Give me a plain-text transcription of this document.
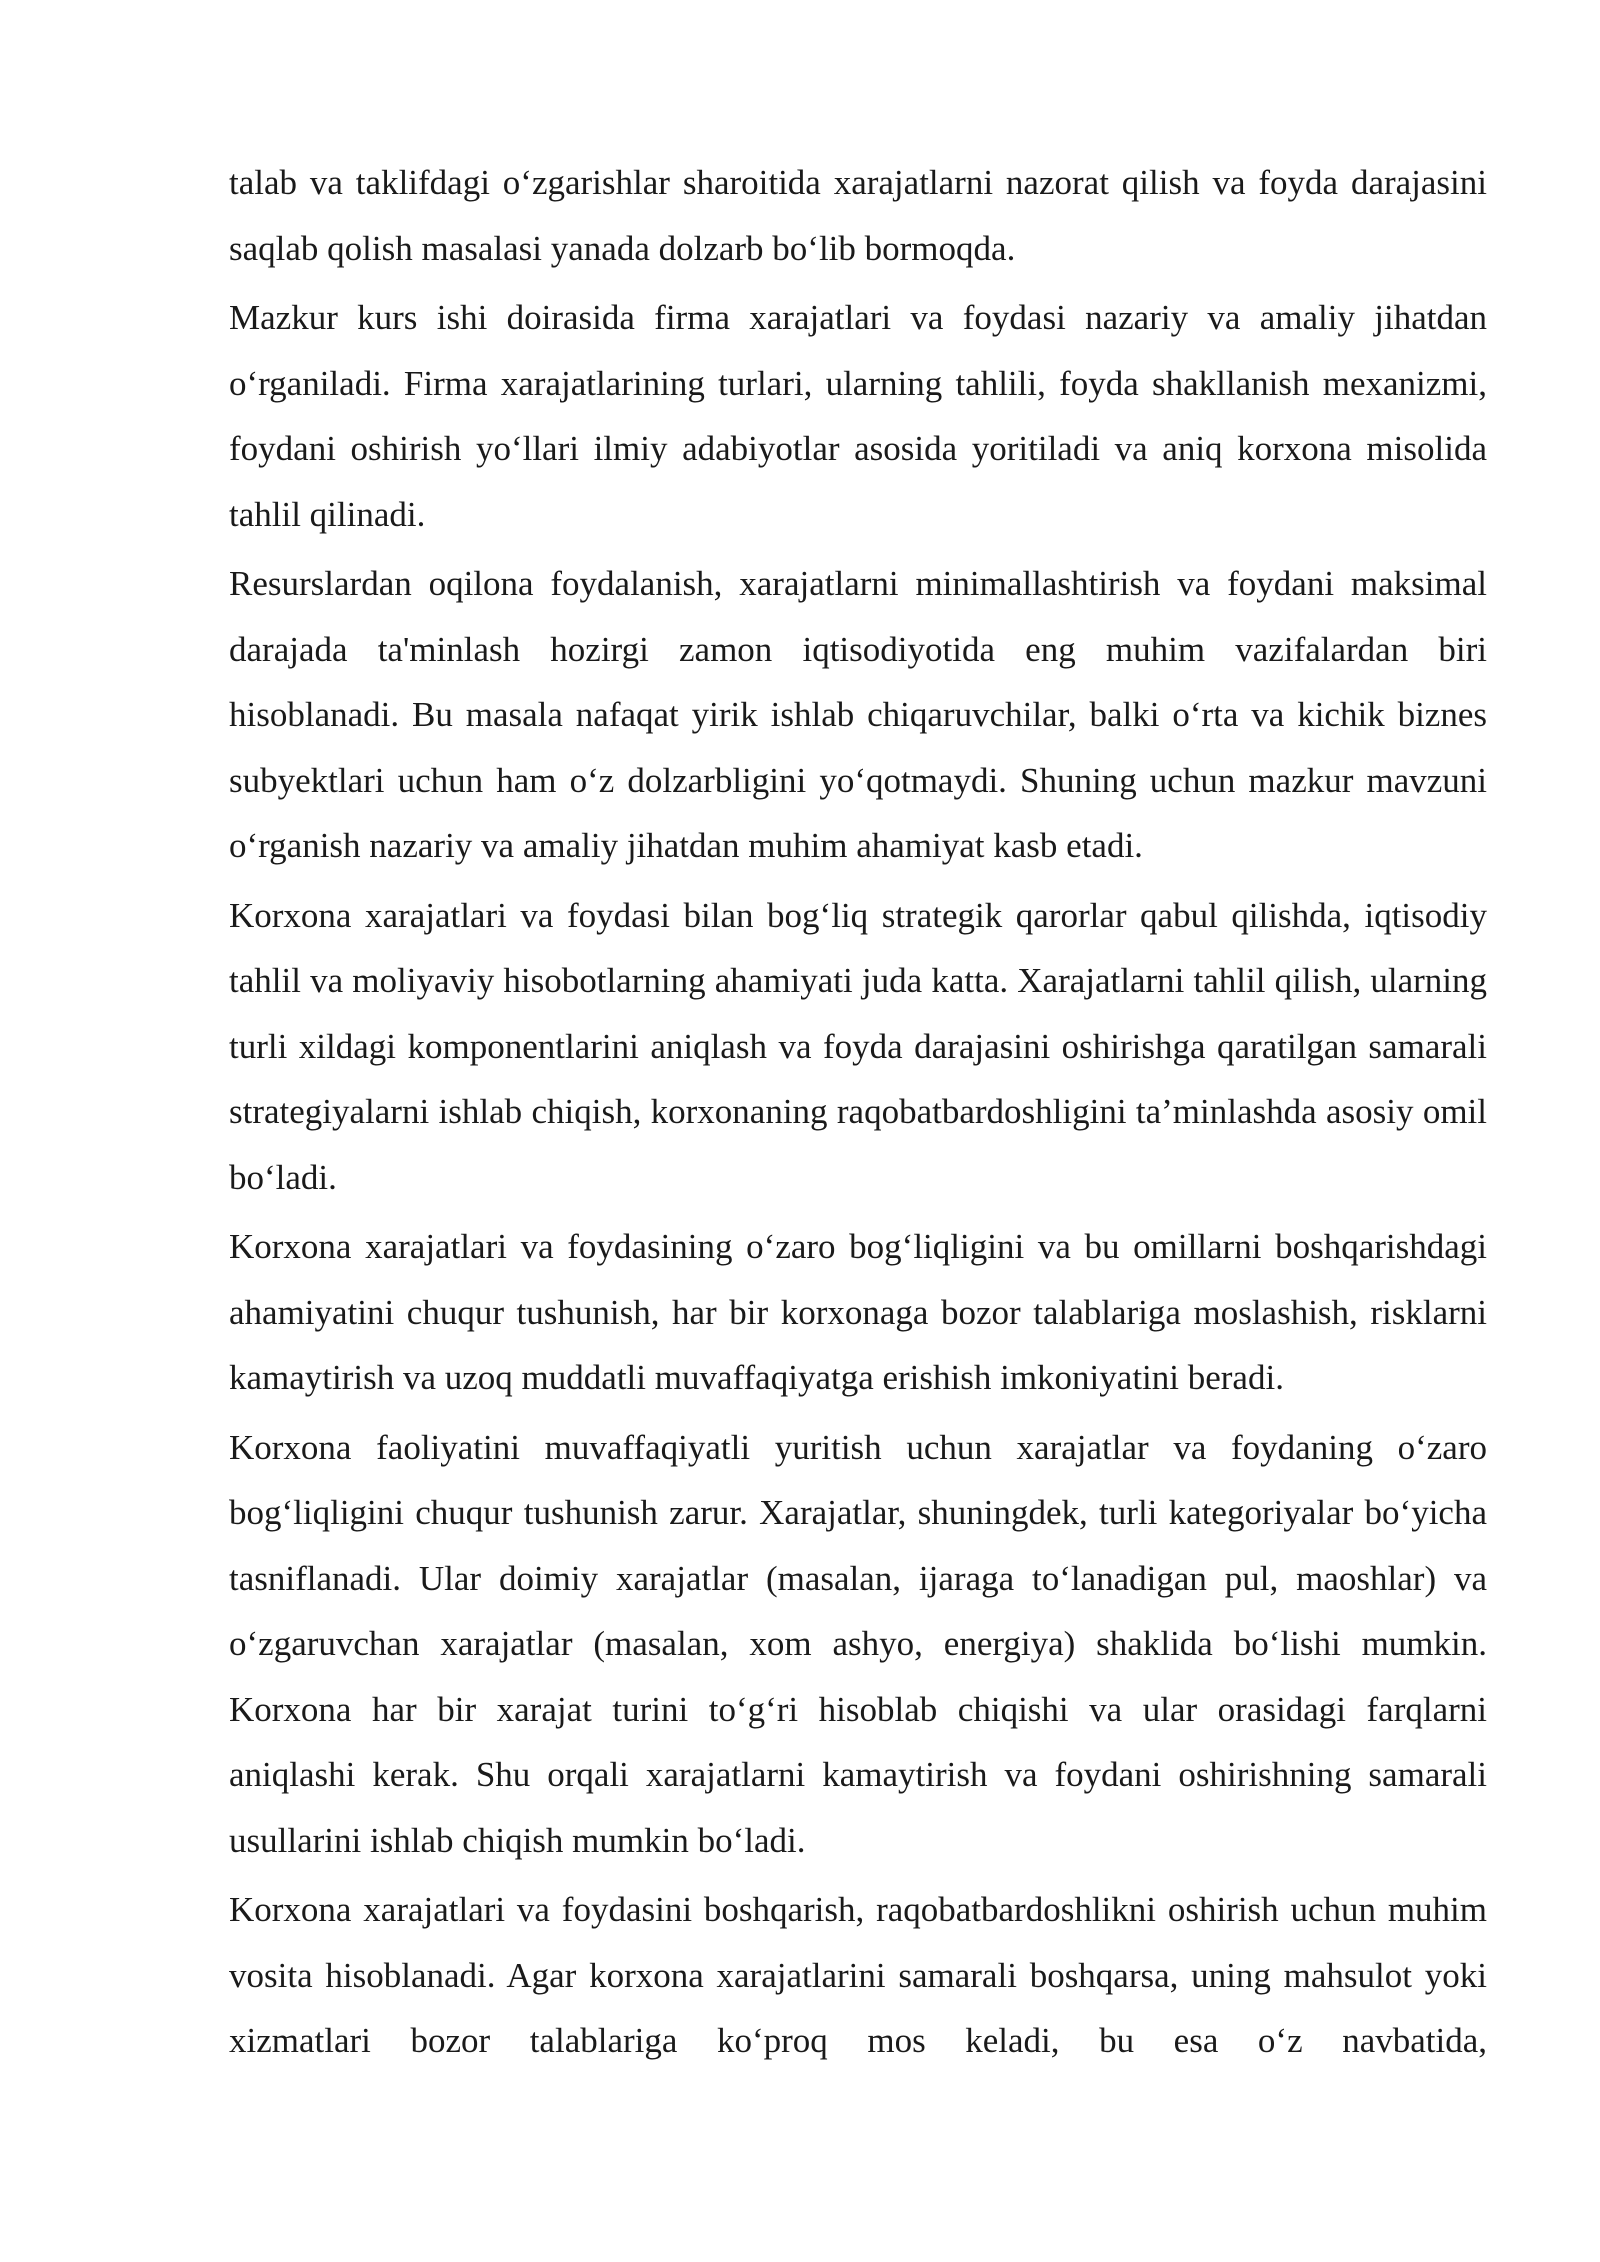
talab va taklifdagi o‘zgarishlar sharoitida xarajatlarni nazorat qilish va foyda darajasini saqlab qolish masalasi yanada dolzarb bo‘lib bormoqda.

Mazkur kurs ishi doirasida firma xarajatlari va foydasi nazariy va amaliy jihatdan o‘rganiladi. Firma xarajatlarining turlari, ularning tahlili, foyda shakllanish mexanizmi, foydani oshirish yo‘llari ilmiy adabiyotlar asosida yoritiladi va aniq korxona misolida tahlil qilinadi.

Resurslardan oqilona foydalanish, xarajatlarni minimallashtirish va foydani maksimal darajada ta'minlash hozirgi zamon iqtisodiyotida eng muhim vazifalardan biri hisoblanadi. Bu masala nafaqat yirik ishlab chiqaruvchilar, balki o‘rta va kichik biznes subyektlari uchun ham o‘z dolzarbligini yo‘qotmaydi. Shuning uchun mazkur mavzuni o‘rganish nazariy va amaliy jihatdan muhim ahamiyat kasb etadi.

Korxona xarajatlari va foydasi bilan bog‘liq strategik qarorlar qabul qilishda, iqtisodiy tahlil va moliyaviy hisobotlarning ahamiyati juda katta. Xarajatlarni tahlil qilish, ularning turli xildagi komponentlarini aniqlash va foyda darajasini oshirishga qaratilgan samarali strategiyalarni ishlab chiqish, korxonaning raqobatbardoshligini ta’minlashda asosiy omil bo‘ladi.

Korxona xarajatlari va foydasining o‘zaro bog‘liqligini va bu omillarni boshqarishdagi ahamiyatini chuqur tushunish, har bir korxonaga bozor talablariga moslashish, risklarni kamaytirish va uzoq muddatli muvaffaqiyatga erishish imkoniyatini beradi.

Korxona faoliyatini muvaffaqiyatli yuritish uchun xarajatlar va foydaning o‘zaro bog‘liqligini chuqur tushunish zarur. Xarajatlar, shuningdek, turli kategoriyalar bo‘yicha tasniflanadi. Ular doimiy xarajatlar (masalan, ijaraga to‘lanadigan pul, maoshlar) va o‘zgaruvchan xarajatlar (masalan, xom ashyo, energiya) shaklida bo‘lishi mumkin. Korxona har bir xarajat turini to‘g‘ri hisoblab chiqishi va ular orasidagi farqlarni aniqlashi kerak. Shu orqali xarajatlarni kamaytirish va foydani oshirishning samarali usullarini ishlab chiqish mumkin bo‘ladi.

Korxona xarajatlari va foydasini boshqarish, raqobatbardoshlikni oshirish uchun muhim vosita hisoblanadi. Agar korxona xarajatlarini samarali boshqarsa, uning mahsulot yoki xizmatlari bozor talablariga ko‘proq mos keladi, bu esa o‘z navbatida,
